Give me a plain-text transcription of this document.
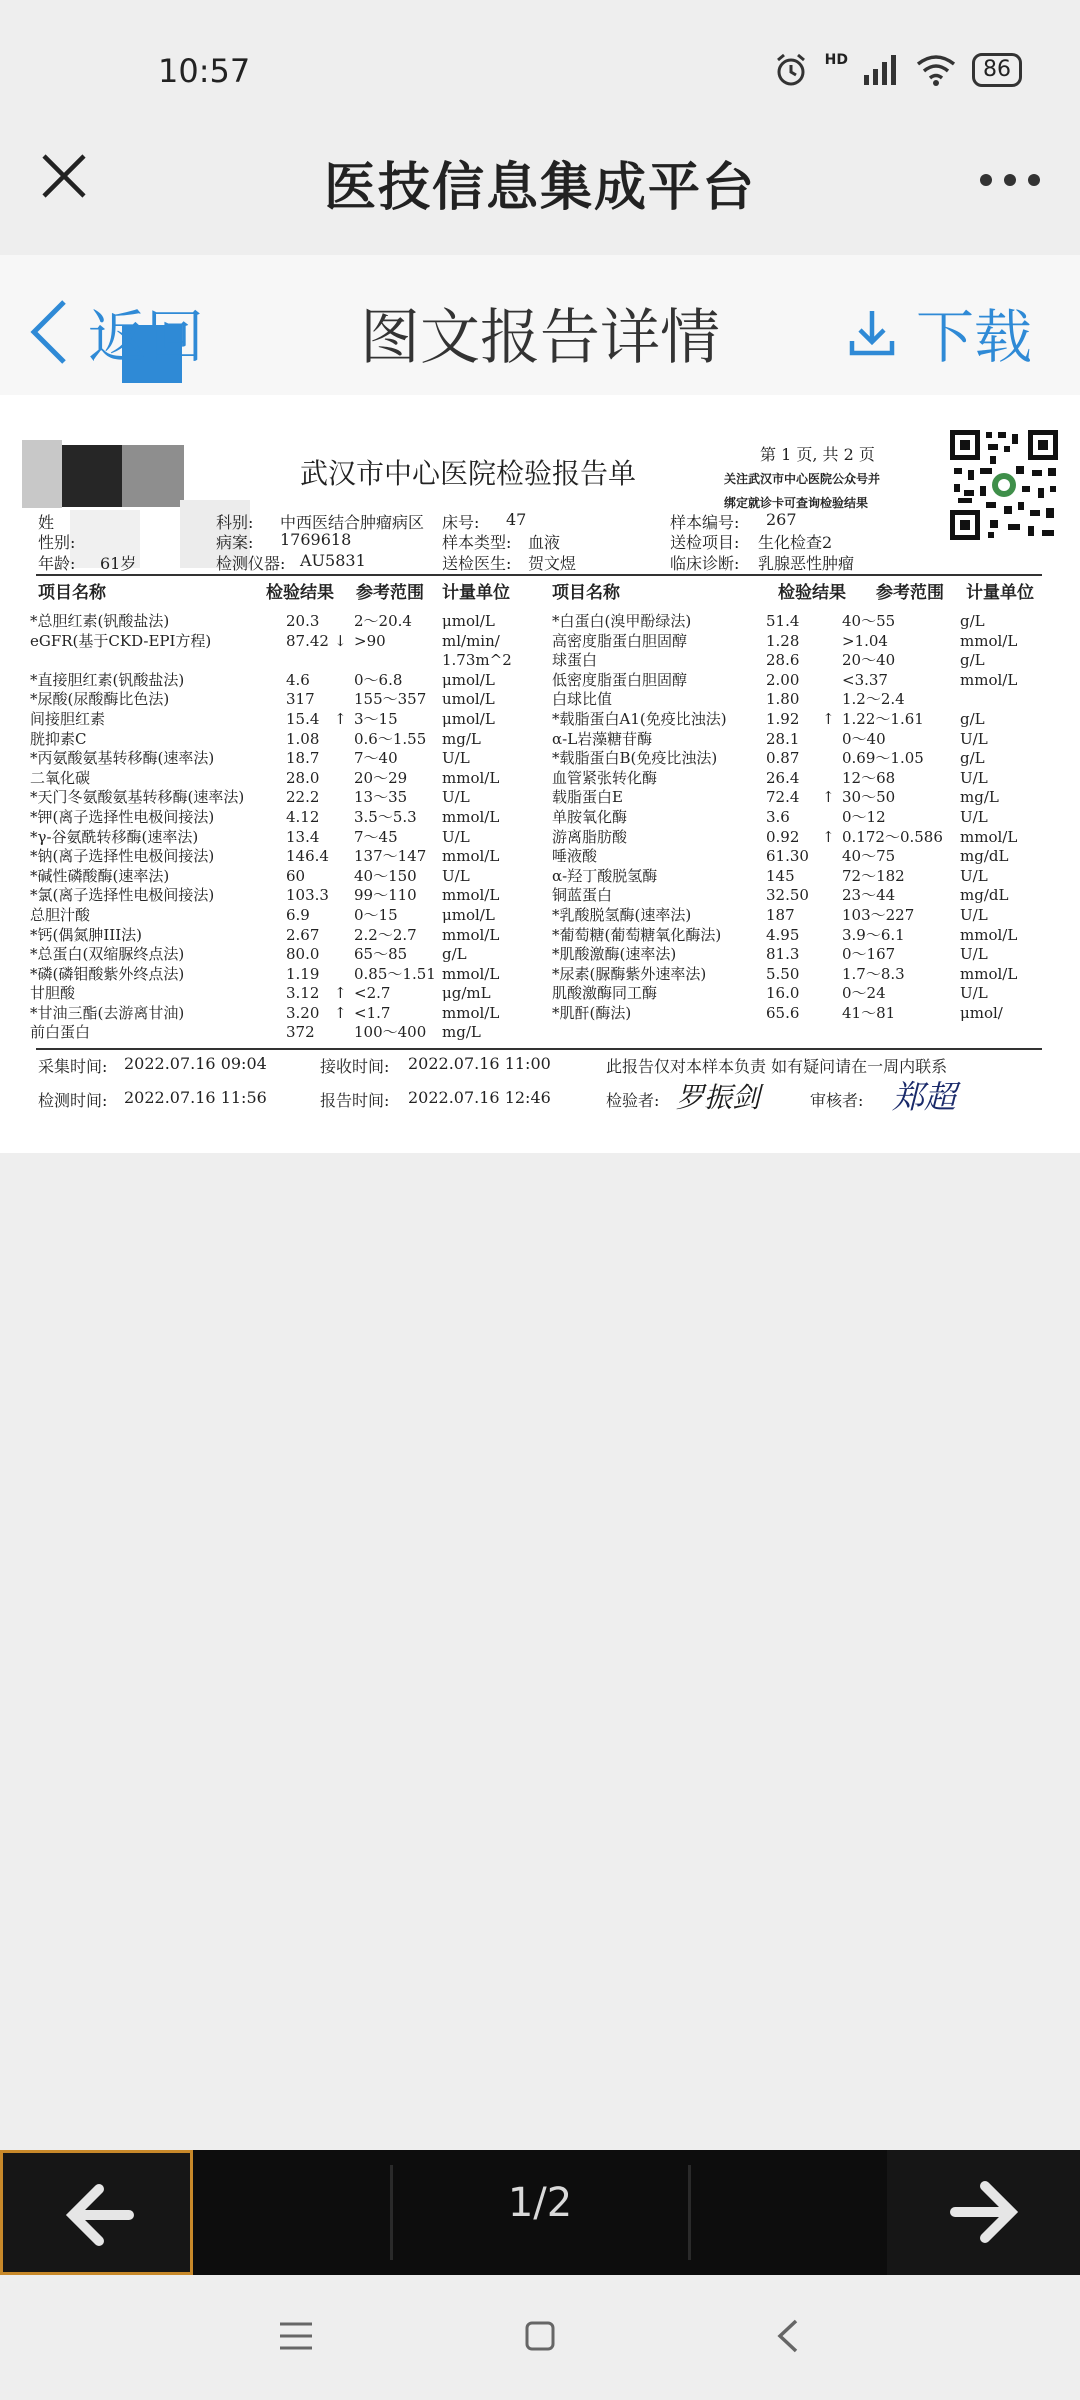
10:57	HD	86
医技信息集成平台
返回	图文报告详情	下载
武汉市中心医院检验报告单
第 1 页, 共 2 页
关注武汉市中心医院公众号并
绑定就诊卡可查询检验结果
姓
性别:
年龄: 61岁
科别: 中西医结合肿瘤病区
病案: 1769618
检测仪器: AU5831
床号: 47
样本类型: 血液
送检医生: 贺文煜
样本编号: 267
送检项目: 生化检查2
临床诊断: 乳腺恶性肿瘤
项目名称	检验结果 参考范围 计量单位 项目名称	检验结果 参考范围 计量单位
*总胆红素(钒酸盐法)	20.3 2～20.4 μmol/L
eGFR(基于CKD-EPI方程)	87.42 ↓ >90	ml/min/
1.73m^2
*直接胆红素(钒酸盐法)	4.6	0～6.8	μmol/L
*尿酸(尿酸酶比色法)	317	155～357 umol/L
间接胆红素	15.4 ↑ 3～15	μmol/L
胱抑素C	1.08 0.6～1.55 mg/L
*丙氨酸氨基转移酶(速率法)	18.7 7～40	U/L
二氧化碳	28.0 20～29 mmol/L
*天门冬氨酸氨基转移酶(速率法)	22.2 13～35 U/L
*钾(离子选择性电极间接法)	4.12 3.5～5.3 mmol/L
*γ-谷氨酰转移酶(速率法)	13.4 7～45	U/L
*钠(离子选择性电极间接法)	146.4 137～147 mmol/L
*碱性磷酸酶(速率法)	60	40～150 U/L
*氯(离子选择性电极间接法)	103.3 99～110 mmol/L
总胆汁酸	6.9	0～15	μmol/L
*钙(偶氮胂III法)	2.67 2.2～2.7 mmol/L
*总蛋白(双缩脲终点法)	80.0 65～85 g/L
*磷(磷钼酸紫外终点法)	1.19 0.85～1.51 mmol/L
甘胆酸	3.12 ↑ <2.7	μg/mL
*甘油三酯(去游离甘油)	3.20 ↑ <1.7	mmol/L
前白蛋白	372	100～400 mg/L
*白蛋白(溴甲酚绿法)	51.4	40～55	g/L
高密度脂蛋白胆固醇	1.28	>1.04	mmol/L
球蛋白	28.6	20～40	g/L
低密度脂蛋白胆固醇	2.00	<3.37	mmol/L
白球比值	1.80	1.2～2.4
*载脂蛋白A1(免疫比浊法)	1.92 ↑ 1.22～1.61 g/L
α-L岩藻糖苷酶	28.1	0～40	U/L
*载脂蛋白B(免疫比浊法)	0.87	0.69～1.05 g/L
血管紧张转化酶	26.4	12～68	U/L
载脂蛋白E	72.4 ↑ 30～50	mg/L
单胺氧化酶	3.6	0～12	U/L
游离脂肪酸	0.92 ↑ 0.172～0.586 mmol/L
唾液酸	61.30 40～75	mg/dL
α-羟丁酸脱氢酶	145	72～182	U/L
铜蓝蛋白	32.50 23～44	mg/dL
*乳酸脱氢酶(速率法)	187	103～227	U/L
*葡萄糖(葡萄糖氧化酶法)	4.95	3.9～6.1	mmol/L
*肌酸激酶(速率法)	81.3	0～167	U/L
*尿素(脲酶紫外速率法)	5.50	1.7～8.3	mmol/L
肌酸激酶同工酶	16.0	0～24	U/L
*肌酐(酶法)	65.6	41～81	μmol/
采集时间: 2022.07.16 09:04	接收时间: 2022.07.16 11:00	此报告仅对本样本负责 如有疑问请在一周内联系
检测时间: 2022.07.16 11:56	报告时间: 2022.07.16 12:46	检验者: 罗振剑	审核者: 郑超
1/2
